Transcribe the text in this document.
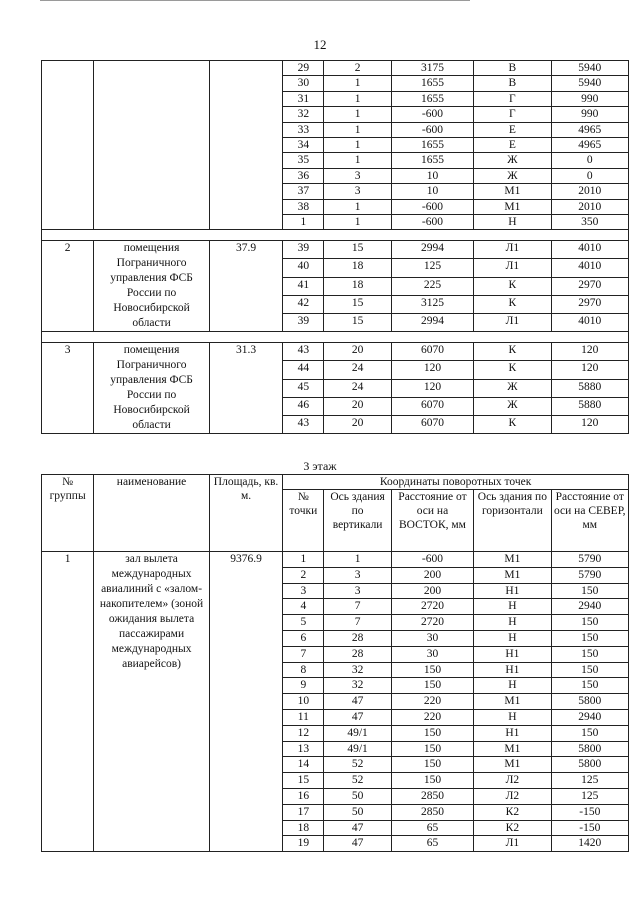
12
			29	2	3175	В	5940
			30	1	1655	В	5940
			31	1	1655	Г	990
			32	1	-600	Г	990
			33	1	-600	Е	4965
			34	1	1655	Е	4965
			35	1	1655	Ж	0
			36	3	10	Ж	0
			37	3	10	М1	2010
			38	1	-600	М1	2010
			1	1	-600	Н	350

2	помещения Пограничного управления ФСБ России по Новосибирской области	37.9	39	15	2994	Л1	4010
			40	18	125	Л1	4010
			41	18	225	К	2970
			42	15	3125	К	2970
			39	15	2994	Л1	4010

3	помещения Пограничного управления ФСБ России по Новосибирской области	31.3	43	20	6070	К	120
			44	24	120	К	120
			45	24	120	Ж	5880
			46	20	6070	Ж	5880
			43	20	6070	К	120
3 этаж
№ группы	наименование	Площадь, кв. м.	Координаты поворотных точек				
			№ точки	Ось здания по вертикали	Расстояние от оси на ВОСТОК, мм	Ось здания по горизонтали	Расстояние от оси на СЕВЕР, мм
1	зал вылета международных авиалиний с «залом-накопителем» (зоной ожидания вылета пассажирами международных авиарейсов)	9376.9	1	1	-600	М1	5790
			2	3	200	М1	5790
			3	3	200	Н1	150
			4	7	2720	Н	2940
			5	7	2720	Н	150
			6	28	30	Н	150
			7	28	30	Н1	150
			8	32	150	Н1	150
			9	32	150	Н	150
			10	47	220	М1	5800
			11	47	220	Н	2940
			12	49/1	150	Н1	150
			13	49/1	150	М1	5800
			14	52	150	М1	5800
			15	52	150	Л2	125
			16	50	2850	Л2	125
			17	50	2850	К2	-150
			18	47	65	К2	-150
			19	47	65	Л1	1420
